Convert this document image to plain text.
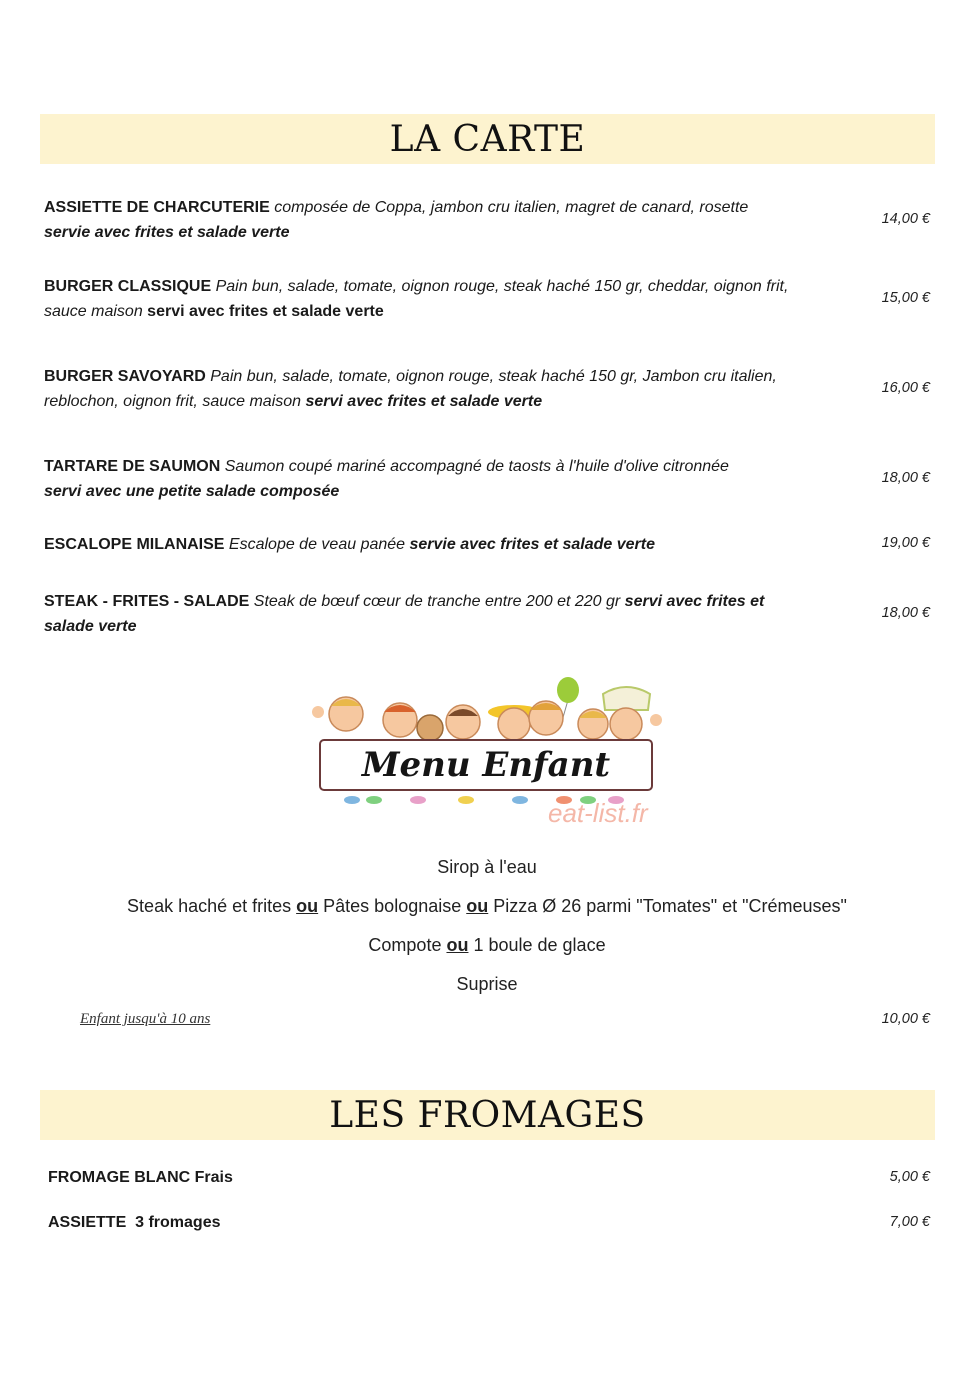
LA CARTE
ASSIETTE DE CHARCUTERIE composée de Coppa, jambon cru italien, magret de canard, rosette
servie avec frites et salade verte
14,00 €
BURGER CLASSIQUE Pain bun, salade, tomate, oignon rouge, steak haché 150 gr, cheddar, oignon frit, sauce maison servi avec frites et salade verte
15,00 €
BURGER SAVOYARD Pain bun, salade, tomate, oignon rouge, steak haché 150 gr, Jambon cru italien, reblochon, oignon frit, sauce maison servi avec frites et salade verte
16,00 €
TARTARE DE SAUMON Saumon coupé mariné accompagné de taosts à l'huile d'olive citronnée
servi avec une petite salade composée
18,00 €
ESCALOPE MILANAISE Escalope de veau panée servie avec frites et salade verte	19,00 €
STEAK - FRITES - SALADE Steak de bœuf cœur de tranche entre 200 et 220 gr servi avec frites et salade verte
18,00 €
Menu Enfant
eat-list.fr
Sirop à l'eau
Steak haché et frites ou Pâtes bolognaise ou Pizza Ø 26 parmi "Tomates" et "Crémeuses"
Compote ou 1 boule de glace
Suprise
Enfant jusqu'à 10 ans	10,00 €
LES FROMAGES
FROMAGE BLANC Frais	5,00 €
ASSIETTE  3 fromages	7,00 €
